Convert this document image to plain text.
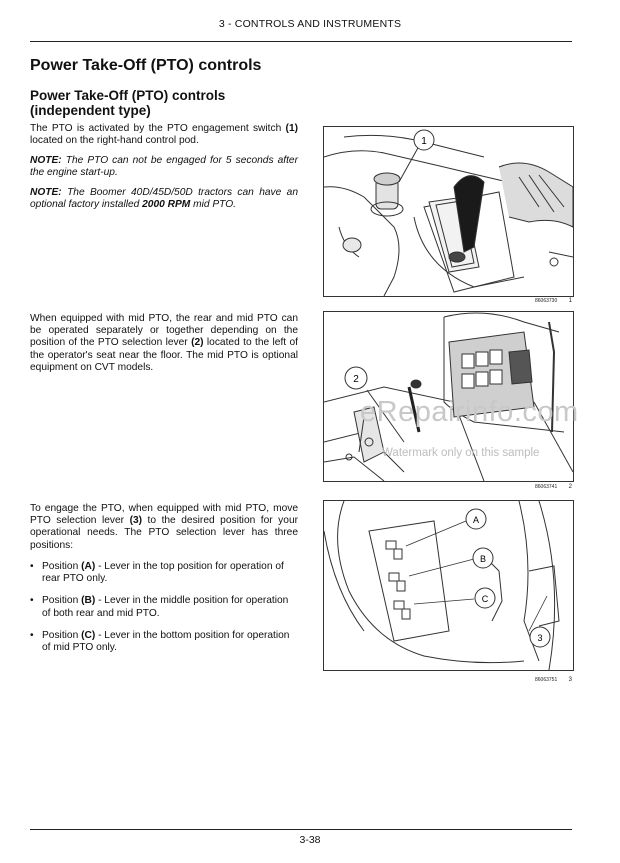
3 - CONTROLS AND INSTRUMENTS
Power Take-Off (PTO) controls
Power Take-Off (PTO) controls (independent type)

The PTO is activated by the PTO engagement switch (1) located on the right-hand control pod.

NOTE: The PTO can not be engaged for 5 seconds after the engine start-up.

NOTE: The Boomer 40D/45D/50D tractors can have an optional factory installed 2000 RPM mid PTO.

When equipped with mid PTO, the rear and mid PTO can be operated separately or together depending on the position of the PTO selection lever (2) located to the left of the operator's seat near the floor. The mid PTO is optional equipment on CVT models.

To engage the PTO, when equipped with mid PTO, move PTO selection lever (3) to the desired position for your operational needs. The PTO selection lever has three positions:

• Position (A) - Lever in the top position for operation of rear PTO only.
• Position (B) - Lever in the middle position for operation of both rear and mid PTO.
• Position (C) - Lever in the bottom position for operation of mid PTO only.
1
86063730 1
2
86063741 2
A
B
C
3
86063751 3
eRepairinfo.com
Watermark only on this sample
3-38
